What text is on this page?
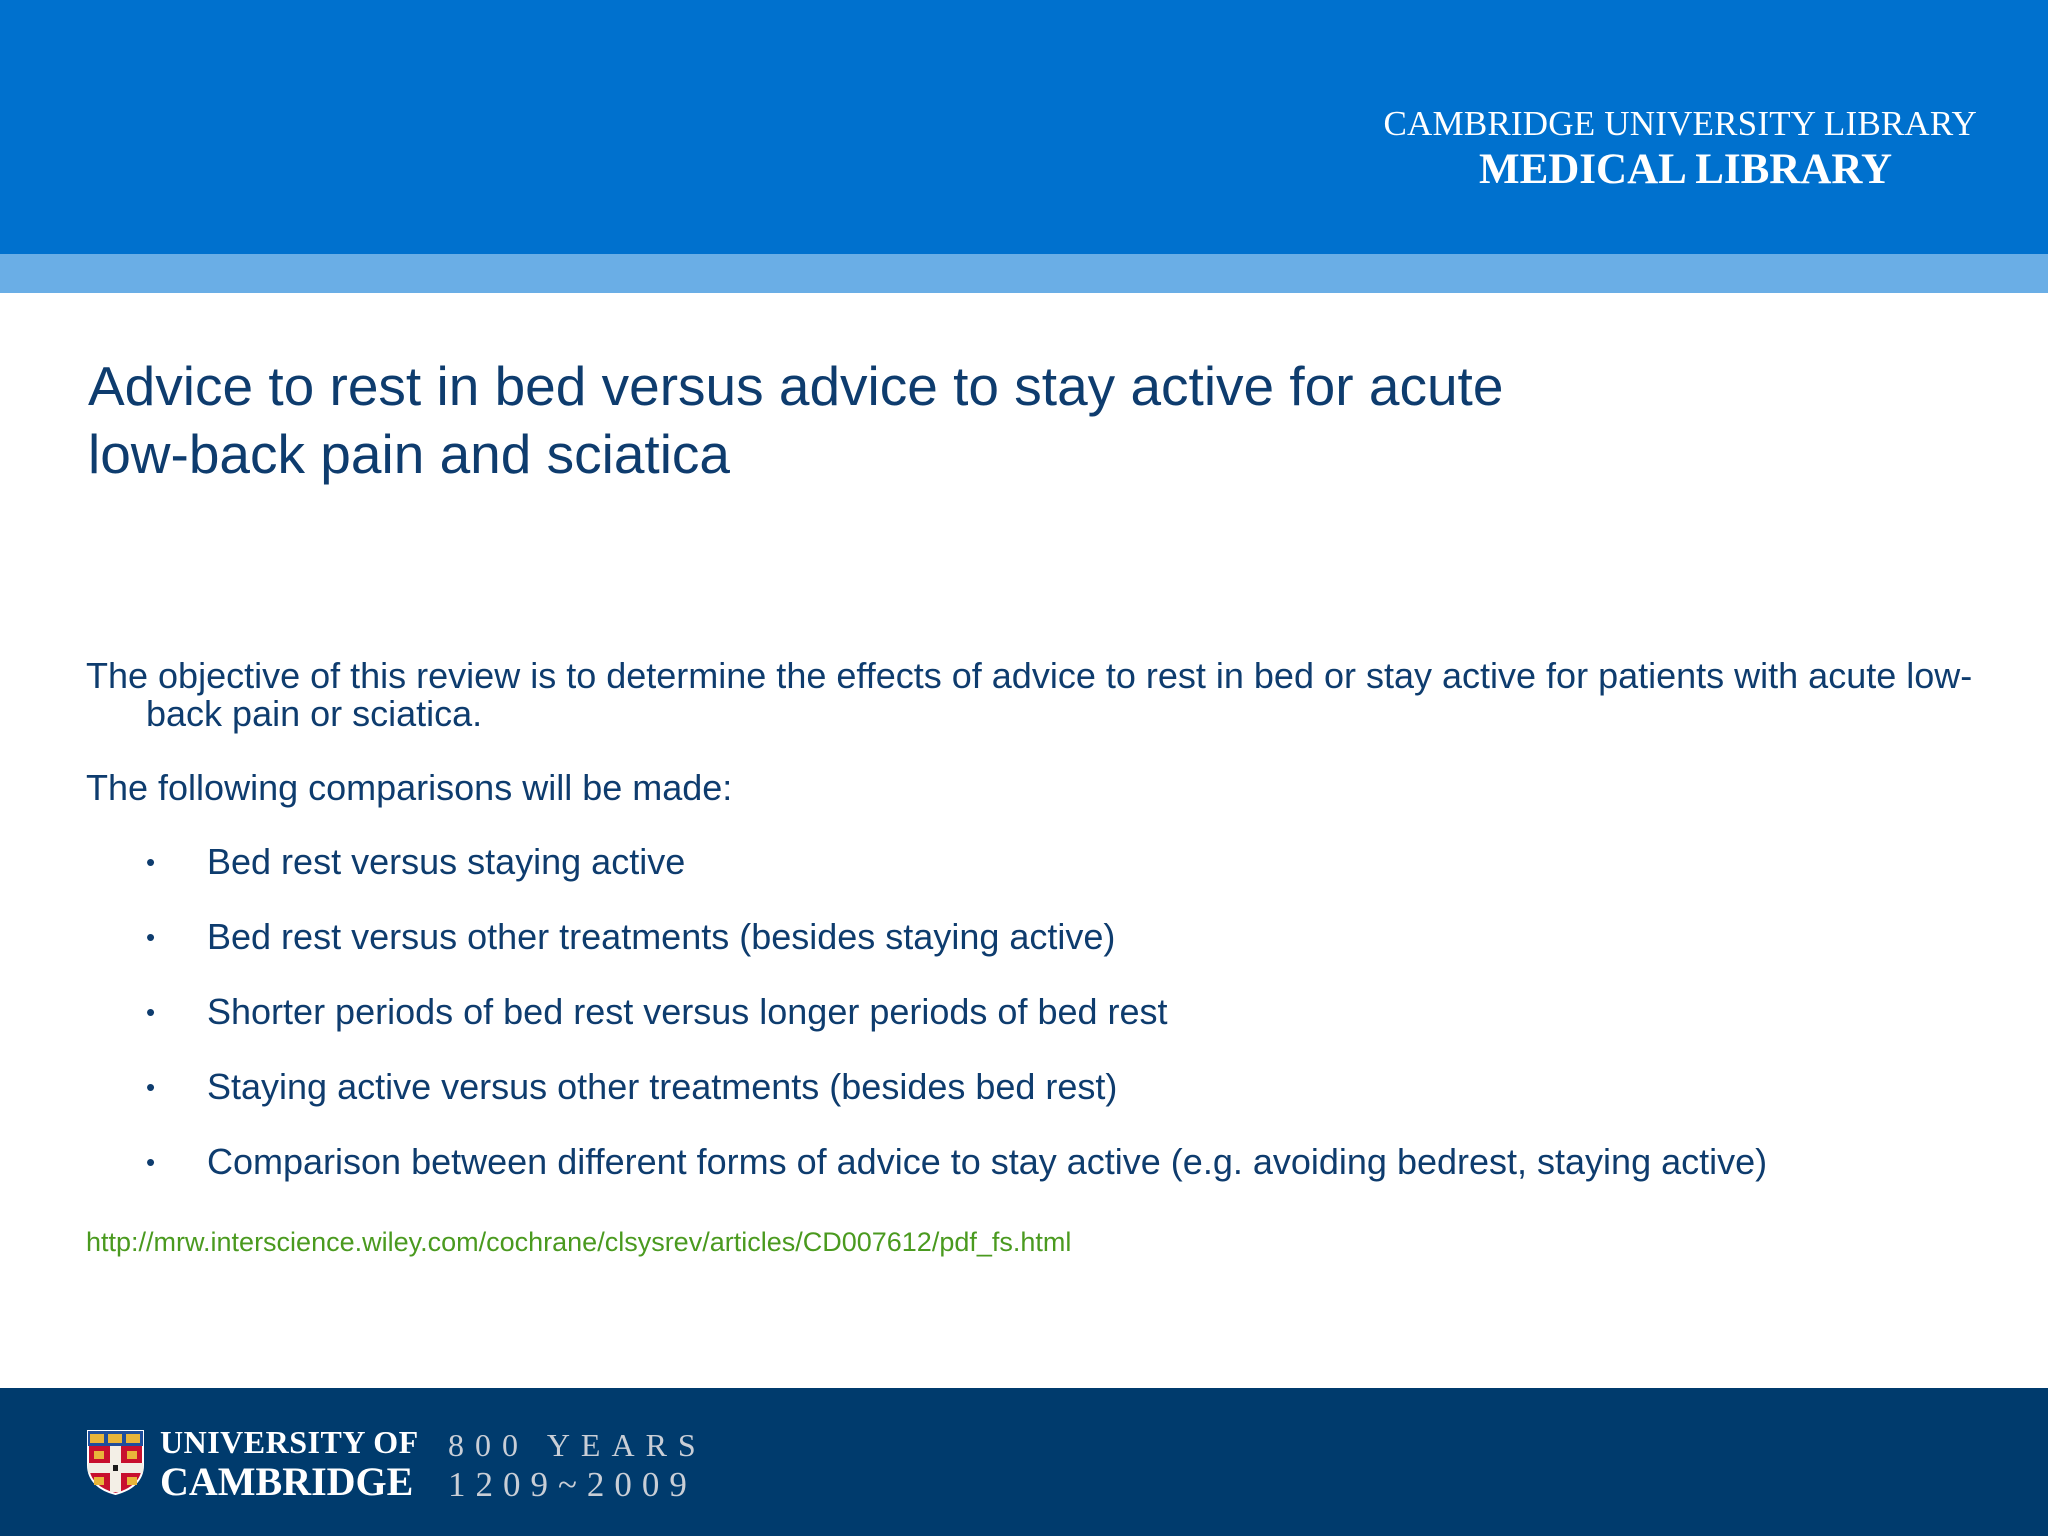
CAMBRIDGE UNIVERSITY LIBRARY
MEDICAL LIBRARY
Advice to rest in bed versus advice to stay active for acute
low-back pain and sciatica

The objective of this review is to determine the effects of advice to rest in bed or stay active for patients with acute low-back pain or sciatica.

The following comparisons will be made:

• Bed rest versus staying active
• Bed rest versus other treatments (besides staying active)
• Shorter periods of bed rest versus longer periods of bed rest
• Staying active versus other treatments (besides bed rest)
• Comparison between different forms of advice to stay active (e.g. avoiding bedrest, staying active)
http://mrw.interscience.wiley.com/cochrane/clsysrev/articles/CD007612/pdf_fs.html
UNIVERSITY OF
CAMBRIDGE
800 YEARS
1209~2009
